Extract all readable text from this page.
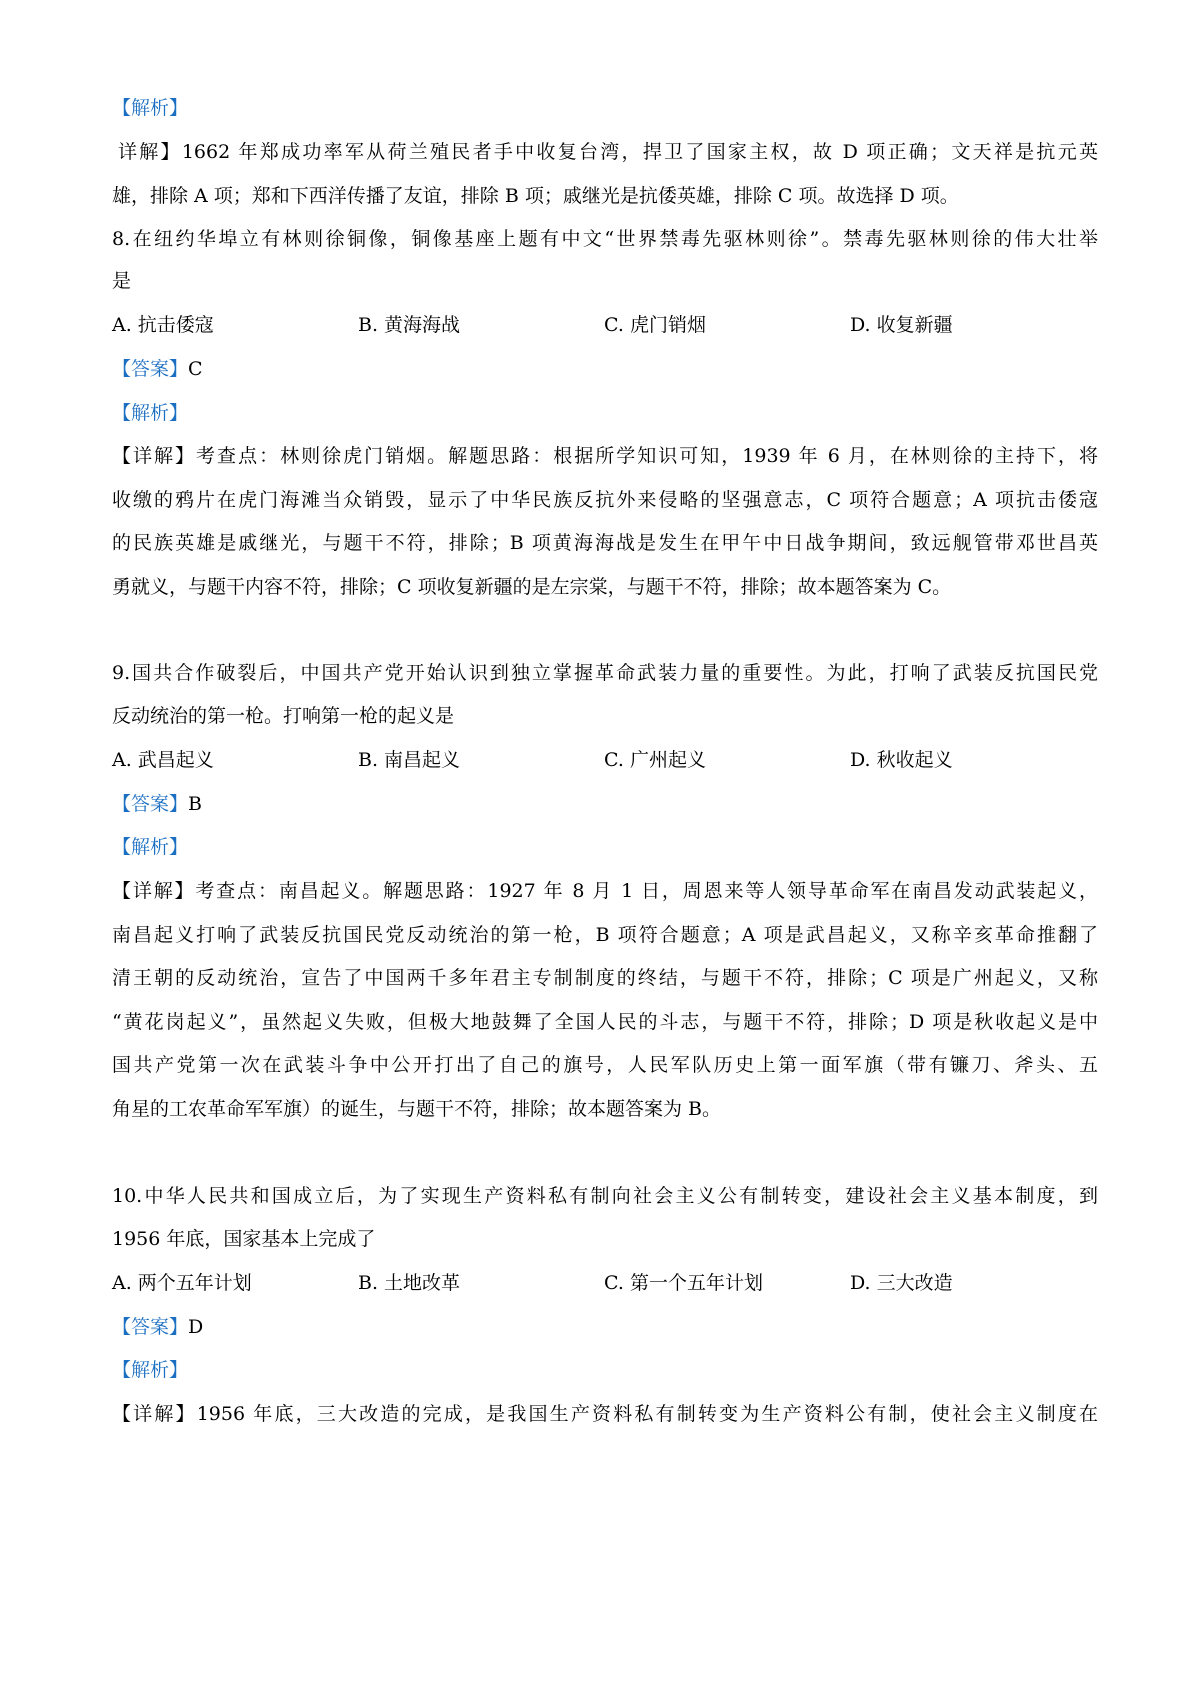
【解析】
详解】1662 年郑成功率军从荷兰殖民者手中收复台湾，捍卫了国家主权，故 D 项正确；文天祥是抗元英
雄，排除 A 项；郑和下西洋传播了友谊，排除 B 项；戚继光是抗倭英雄，排除 C 项。故选择 D 项。
8.在纽约华埠立有林则徐铜像，铜像基座上题有中文“世界禁毒先驱林则徐”。禁毒先驱林则徐的伟大壮举
是
A. 抗击倭寇	B. 黄海海战	C. 虎门销烟	D. 收复新疆
【答案】C
【解析】
【详解】考查点：林则徐虎门销烟。解题思路：根据所学知识可知，1939 年 6 月，在林则徐的主持下，将
收缴的鸦片在虎门海滩当众销毁，显示了中华民族反抗外来侵略的坚强意志，C 项符合题意；A 项抗击倭寇
的民族英雄是戚继光，与题干不符，排除；B 项黄海海战是发生在甲午中日战争期间，致远舰管带邓世昌英
勇就义，与题干内容不符，排除；C 项收复新疆的是左宗棠，与题干不符，排除；故本题答案为 C。
9.国共合作破裂后，中国共产党开始认识到独立掌握革命武装力量的重要性。为此，打响了武装反抗国民党
反动统治的第一枪。打响第一枪的起义是
A. 武昌起义	B. 南昌起义	C. 广州起义	D. 秋收起义
【答案】B
【解析】
【详解】考查点：南昌起义。解题思路：1927 年 8 月 1 日，周恩来等人领导革命军在南昌发动武装起义，
南昌起义打响了武装反抗国民党反动统治的第一枪，B 项符合题意；A 项是武昌起义，又称辛亥革命推翻了
清王朝的反动统治，宣告了中国两千多年君主专制制度的终结，与题干不符，排除；C 项是广州起义，又称
“黄花岗起义”，虽然起义失败，但极大地鼓舞了全国人民的斗志，与题干不符，排除；D 项是秋收起义是中
国共产党第一次在武装斗争中公开打出了自己的旗号，人民军队历史上第一面军旗（带有镰刀、斧头、五
角星的工农革命军军旗）的诞生，与题干不符，排除；故本题答案为 B。
10.中华人民共和国成立后，为了实现生产资料私有制向社会主义公有制转变，建设社会主义基本制度，到
1956 年底，国家基本上完成了
A. 两个五年计划	B. 土地改革	C. 第一个五年计划	D. 三大改造
【答案】D
【解析】
【详解】1956 年底，三大改造的完成，是我国生产资料私有制转变为生产资料公有制，使社会主义制度在
